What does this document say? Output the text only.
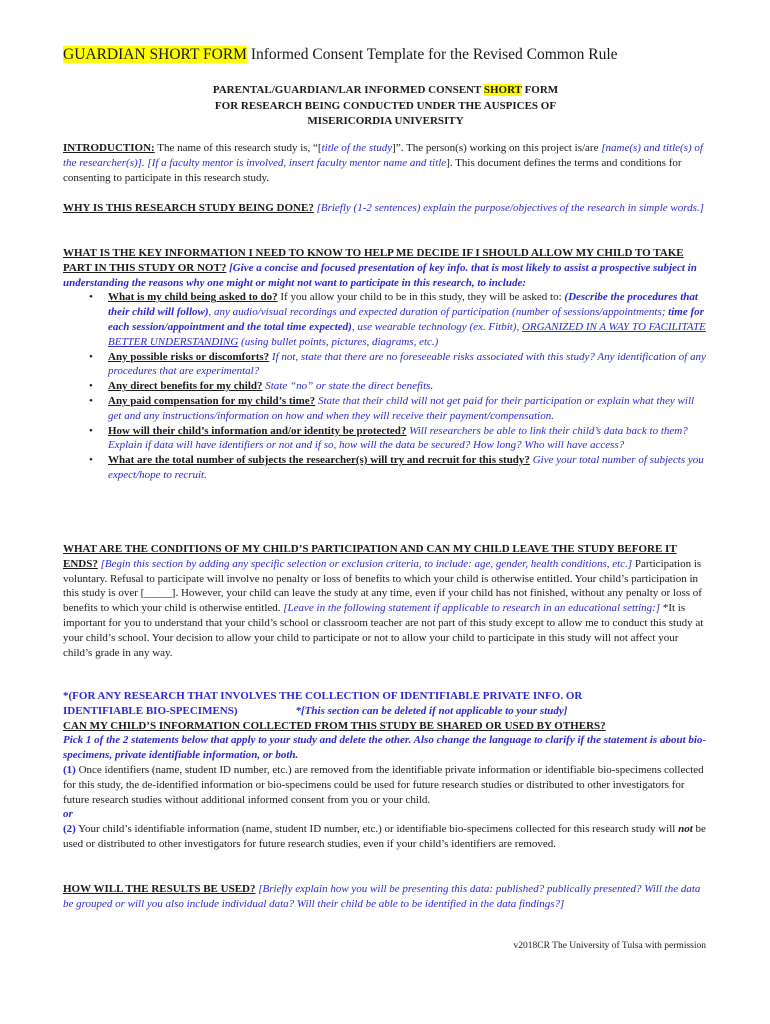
GUARDIAN SHORT FORM Informed Consent Template for the Revised Common Rule
PARENTAL/GUARDIAN/LAR INFORMED CONSENT SHORT FORM
FOR RESEARCH BEING CONDUCTED UNDER THE AUSPICES OF
MISERICORDIA UNIVERSITY
INTRODUCTION: The name of this research study is, “[title of the study]”. The person(s) working on this project is/are [name(s) and title(s) of the researcher(s)]. [If a faculty mentor is involved, insert faculty mentor name and title]. This document defines the terms and conditions for consenting to participate in this research study.
WHY IS THIS RESEARCH STUDY BEING DONE? [Briefly (1-2 sentences) explain the purpose/objectives of the research in simple words.]
WHAT IS THE KEY INFORMATION I NEED TO KNOW TO HELP ME DECIDE IF I SHOULD ALLOW MY CHILD TO TAKE PART IN THIS STUDY OR NOT? [Give a concise and focused presentation of key info. that is most likely to assist a prospective subject in understanding the reasons why one might or might not want to participate in this research, to include:
• What is my child being asked to do? If you allow your child to be in this study, they will be asked to: (Describe the procedures that their child will follow), any audio/visual recordings and expected duration of participation (number of sessions/appointments; time for each session/appointment and the total time expected), use wearable technology (ex. Fitbit), ORGANIZED IN A WAY TO FACILITATE BETTER UNDERSTANDING (using bullet points, pictures, diagrams, etc.)
• Any possible risks or discomforts? If not, state that there are no foreseeable risks associated with this study? Any identification of any procedures that are experimental?
• Any direct benefits for my child? State “no” or state the direct benefits.
• Any paid compensation for my child’s time? State that their child will not get paid for their participation or explain what they will get and any instructions/information on how and when they will receive their payment/compensation.
• How will their child’s information and/or identity be protected? Will researchers be able to link their child’s data back to them? Explain if data will have identifiers or not and if so, how will the data be secured? How long? Who will have access?
• What are the total number of subjects the researcher(s) will try and recruit for this study? Give your total number of subjects you expect/hope to recruit.
WHAT ARE THE CONDITIONS OF MY CHILD’S PARTICIPATION AND CAN MY CHILD LEAVE THE STUDY BEFORE IT ENDS? [Begin this section by adding any specific selection or exclusion criteria, to include: age, gender, health conditions, etc.] Participation is voluntary. Refusal to participate will involve no penalty or loss of benefits to which your child is otherwise entitled. Your child’s participation in this study is over [_____]. However, your child can leave the study at any time, even if your child has not finished, without any penalty or loss of benefits to which your child is otherwise entitled. [Leave in the following statement if applicable to research in an educational setting:] *It is important for you to understand that your child’s school or classroom teacher are not part of this study except to allow me to conduct this study at your child’s school. Your decision to allow your child to participate or not to allow your child to participate in this study will not affect your child’s grade in any way.
*(FOR ANY RESEARCH THAT INVOLVES THE COLLECTION OF IDENTIFIABLE PRIVATE INFO. OR
IDENTIFIABLE BIO-SPECIMENS)	*[This section can be deleted if not applicable to your study]
CAN MY CHILD’S INFORMATION COLLECTED FROM THIS STUDY BE SHARED OR USED BY OTHERS?
Pick 1 of the 2 statements below that apply to your study and delete the other. Also change the language to clarify if the statement is about bio-specimens, private identifiable information, or both.
(1) Once identifiers (name, student ID number, etc.) are removed from the identifiable private information or identifiable bio-specimens collected for this study, the de-identified information or bio-specimens could be used for future research studies or distributed to other investigators for future research studies without additional informed consent from you or your child.
or
(2) Your child’s identifiable information (name, student ID number, etc.) or identifiable bio-specimens collected for this research study will not be used or distributed to other investigators for future research studies, even if your child’s identifiers are removed.
HOW WILL THE RESULTS BE USED? [Briefly explain how you will be presenting this data: published? publically presented? Will the data be grouped or will you also include individual data? Will their child be able to be identified in the data findings?]
v2018CR The University of Tulsa with permission
